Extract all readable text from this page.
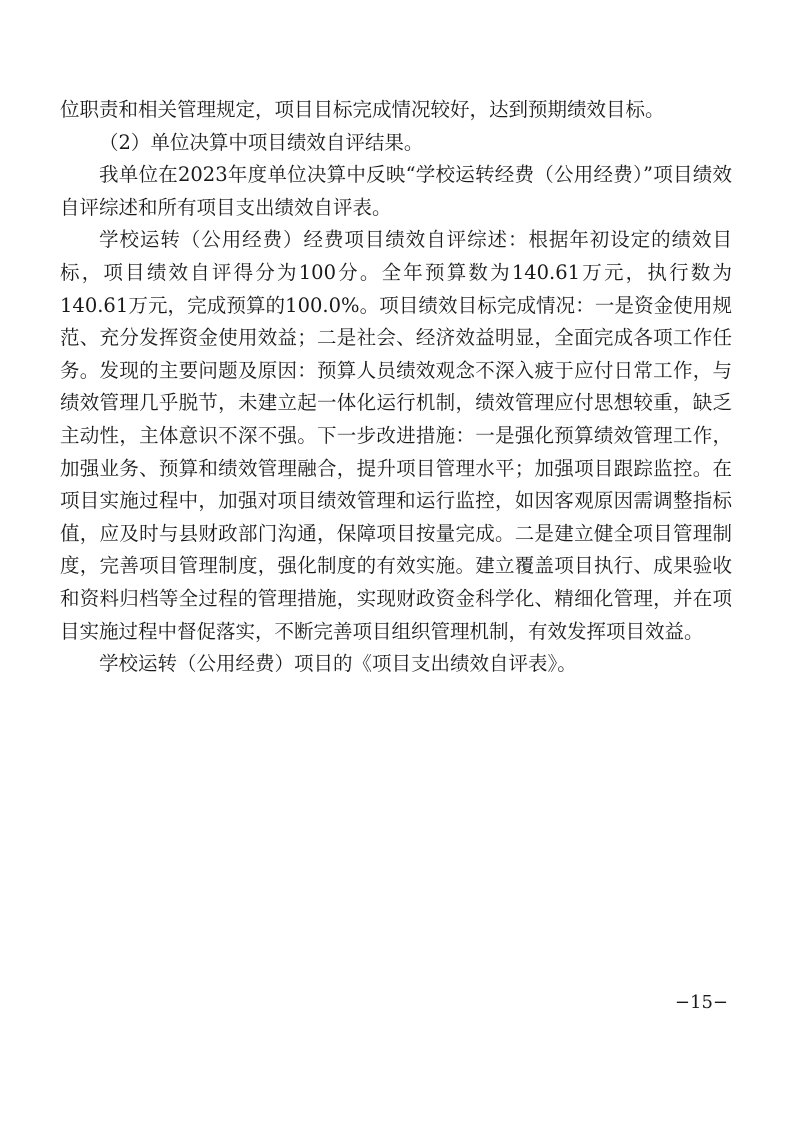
位职责和相关管理规定，项目目标完成情况较好，达到预期绩效目标。

（2）单位决算中项目绩效自评结果。

我单位在2023年度单位决算中反映“学校运转经费（公用经费）”项目绩效自评综述和所有项目支出绩效自评表。

学校运转（公用经费）经费项目绩效自评综述：根据年初设定的绩效目标，项目绩效自评得分为100分。全年预算数为140.61万元，执行数为140.61万元，完成预算的100.0%。项目绩效目标完成情况：一是资金使用规范、充分发挥资金使用效益；二是社会、经济效益明显，全面完成各项工作任务。发现的主要问题及原因：预算人员绩效观念不深入疲于应付日常工作，与绩效管理几乎脱节，未建立起一体化运行机制，绩效管理应付思想较重，缺乏主动性，主体意识不深不强。下一步改进措施：一是强化预算绩效管理工作，加强业务、预算和绩效管理融合，提升项目管理水平；加强项目跟踪监控。在项目实施过程中，加强对项目绩效管理和运行监控，如因客观原因需调整指标值，应及时与县财政部门沟通，保障项目按量完成。二是建立健全项目管理制度，完善项目管理制度，强化制度的有效实施。建立覆盖项目执行、成果验收和资料归档等全过程的管理措施，实现财政资金科学化、精细化管理，并在项目实施过程中督促落实，不断完善项目组织管理机制，有效发挥项目效益。

学校运转（公用经费）项目的《项目支出绩效自评表》。

−15−
